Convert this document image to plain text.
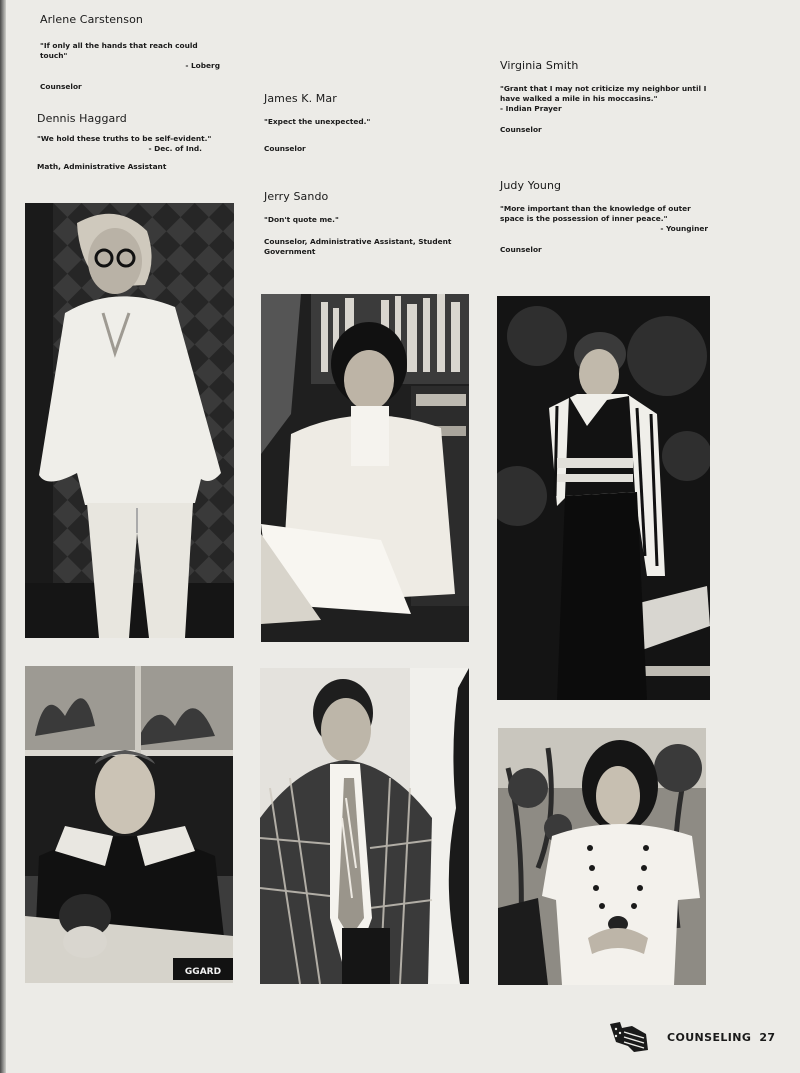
Arlene Carstenson

"If only all the hands that reach could touch"

- Loberg

Counselor

Dennis Haggard

"We hold these truths to be self-evident."

- Dec. of Ind.

Math, Administrative Assistant

James K. Mar

"Expect the unexpected."

Counselor

Jerry Sando

"Don't quote me."

Counselor, Administrative Assistant, Student Government

Virginia Smith

"Grant that I may not criticize my neighbor until I have walked a mile in his moccasins."

- Indian Prayer

Counselor

Judy Young

"More important than the knowledge of outer space is the possession of inner peace."

- Younginer

Counselor

GGARD
COUNSELING 27
